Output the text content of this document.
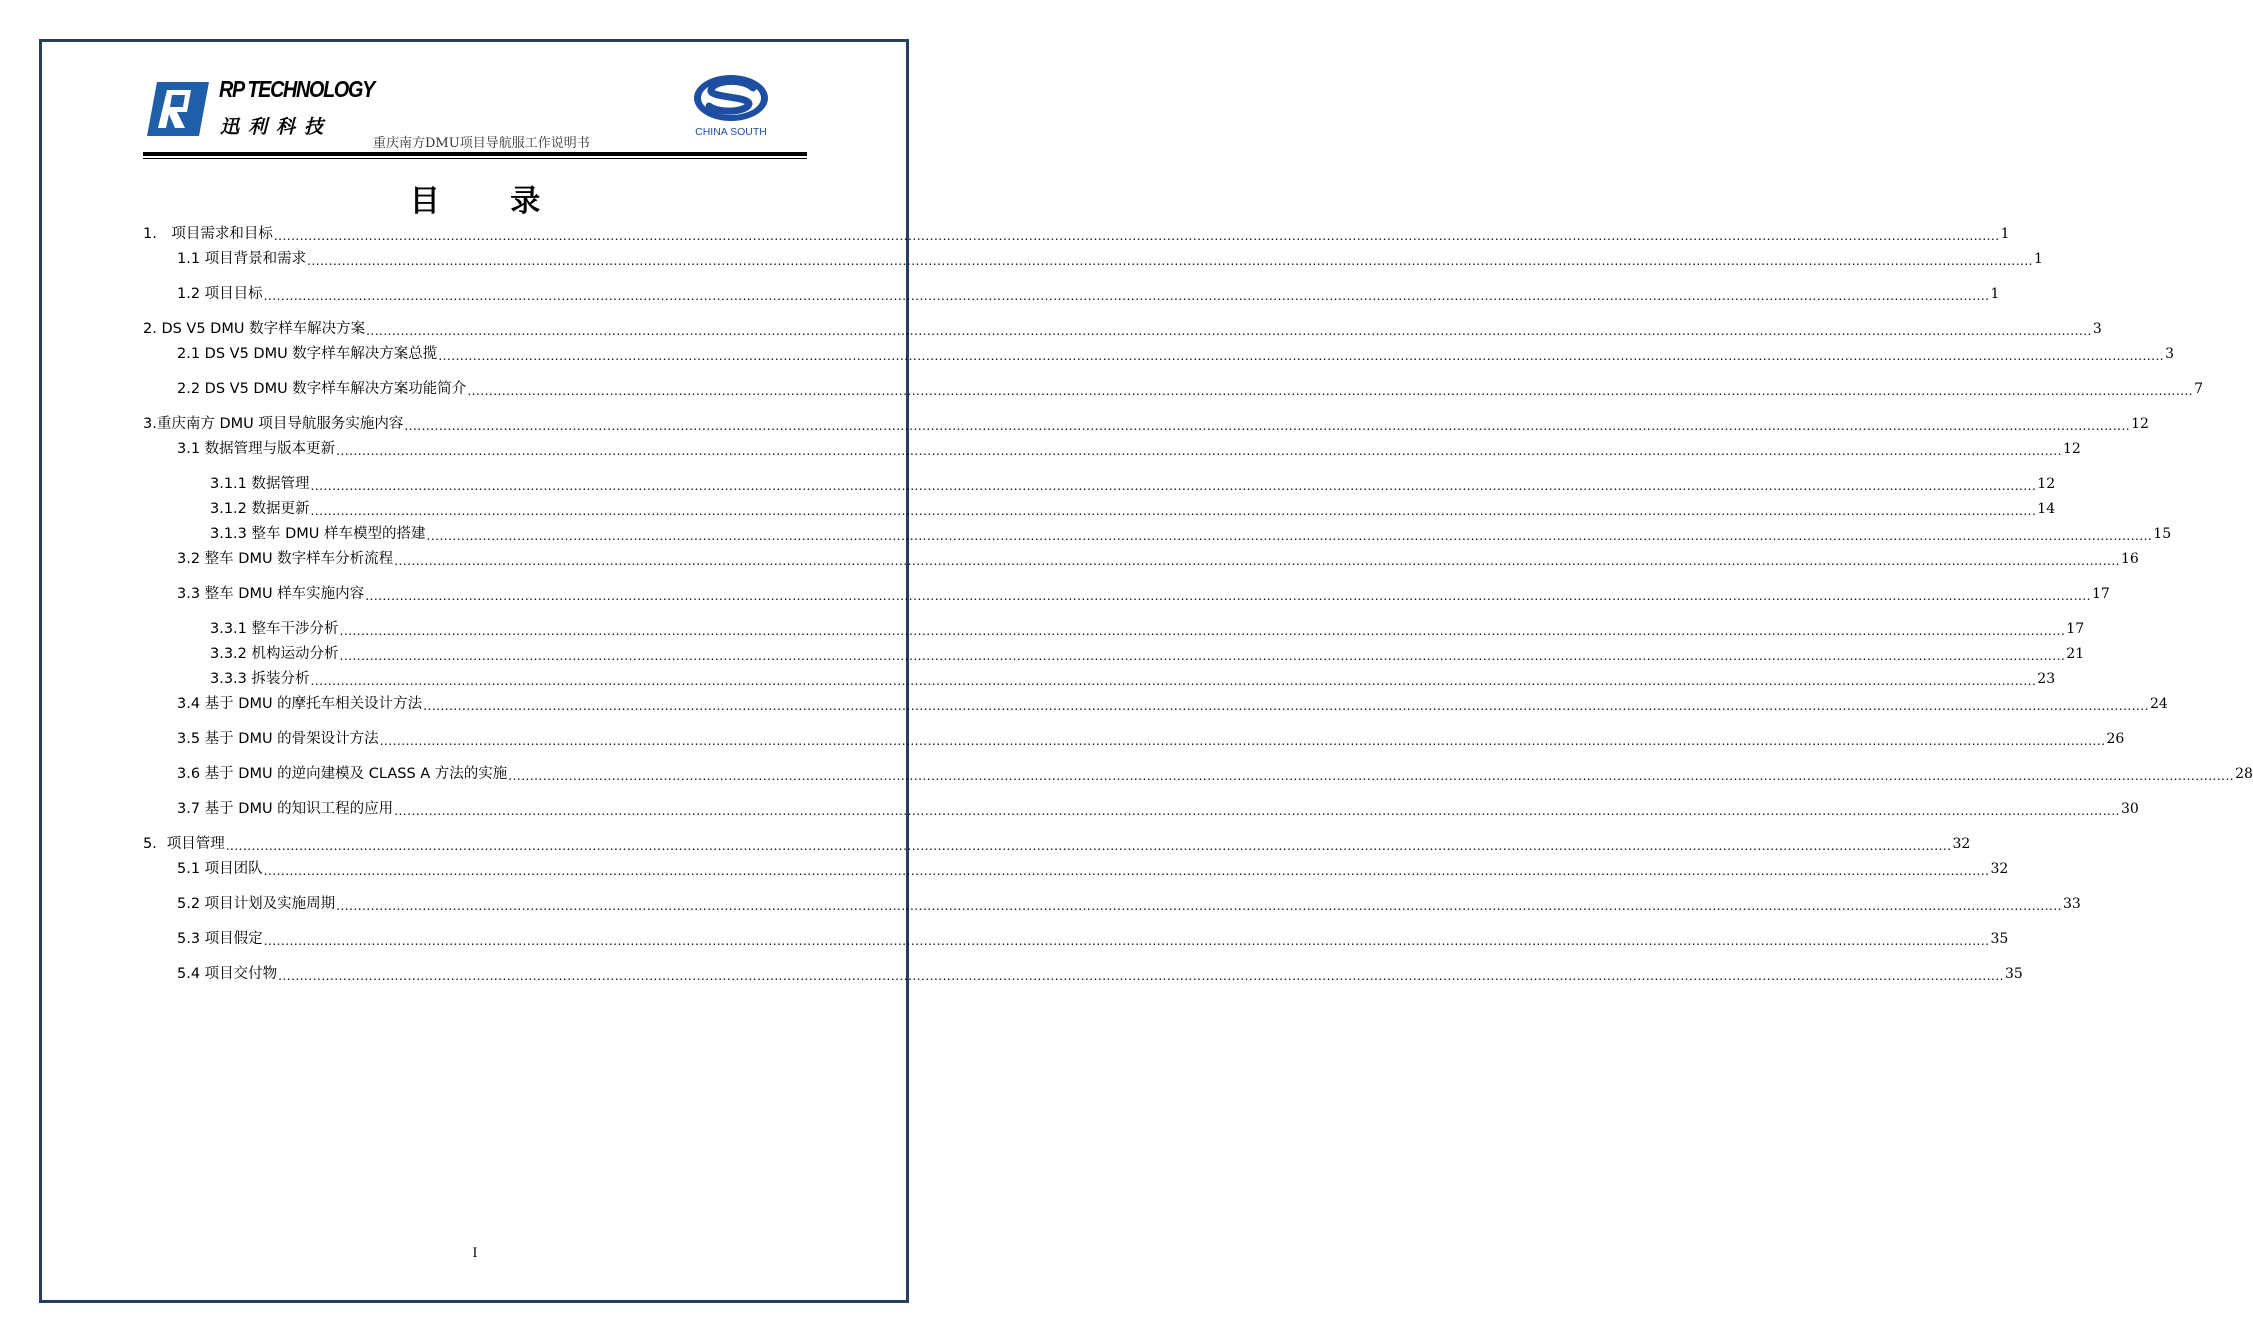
RP TECHNOLOGY
迅利科技
重庆南方DMU项目导航服工作说明书
CHINA SOUTH
目 录
1.　项目需求和目标 ................................................................................................................................................................................................................................................................................................................................................................................................................ 1
1.1 项目背景和需求 ................................................................................................................................................................................................................................................................................................................................................................................................................ 1
1.2 项目目标 ................................................................................................................................................................................................................................................................................................................................................................................................................ 1
2. DS V5 DMU 数字样车解决方案 ................................................................................................................................................................................................................................................................................................................................................................................................................ 3
2.1 DS V5 DMU 数字样车解决方案总揽 ................................................................................................................................................................................................................................................................................................................................................................................................................ 3
2.2 DS V5 DMU 数字样车解决方案功能简介 ................................................................................................................................................................................................................................................................................................................................................................................................................ 7
3.重庆南方 DMU 项目导航服务实施内容 ................................................................................................................................................................................................................................................................................................................................................................................................................ 12
3.1 数据管理与版本更新 ................................................................................................................................................................................................................................................................................................................................................................................................................ 12
3.1.1 数据管理 ................................................................................................................................................................................................................................................................................................................................................................................................................ 12
3.1.2 数据更新 ................................................................................................................................................................................................................................................................................................................................................................................................................ 14
3.1.3 整车 DMU 样车模型的搭建 ................................................................................................................................................................................................................................................................................................................................................................................................................ 15
3.2 整车 DMU 数字样车分析流程 ................................................................................................................................................................................................................................................................................................................................................................................................................ 16
3.3 整车 DMU 样车实施内容 ................................................................................................................................................................................................................................................................................................................................................................................................................ 17
3.3.1 整车干涉分析 ................................................................................................................................................................................................................................................................................................................................................................................................................ 17
3.3.2 机构运动分析 ................................................................................................................................................................................................................................................................................................................................................................................................................ 21
3.3.3 拆装分析 ................................................................................................................................................................................................................................................................................................................................................................................................................ 23
3.4 基于 DMU 的摩托车相关设计方法 ................................................................................................................................................................................................................................................................................................................................................................................................................ 24
3.5 基于 DMU 的骨架设计方法 ................................................................................................................................................................................................................................................................................................................................................................................................................ 26
3.6 基于 DMU 的逆向建模及 CLASS A 方法的实施 ................................................................................................................................................................................................................................................................................................................................................................................................................ 28
3.7 基于 DMU 的知识工程的应用 ................................................................................................................................................................................................................................................................................................................................................................................................................ 30
5．项目管理 ................................................................................................................................................................................................................................................................................................................................................................................................................ 32
5.1 项目团队 ................................................................................................................................................................................................................................................................................................................................................................................................................ 32
5.2 项目计划及实施周期 ................................................................................................................................................................................................................................................................................................................................................................................................................ 33
5.3 项目假定 ................................................................................................................................................................................................................................................................................................................................................................................................................ 35
5.4 项目交付物 ................................................................................................................................................................................................................................................................................................................................................................................................................ 35
I
